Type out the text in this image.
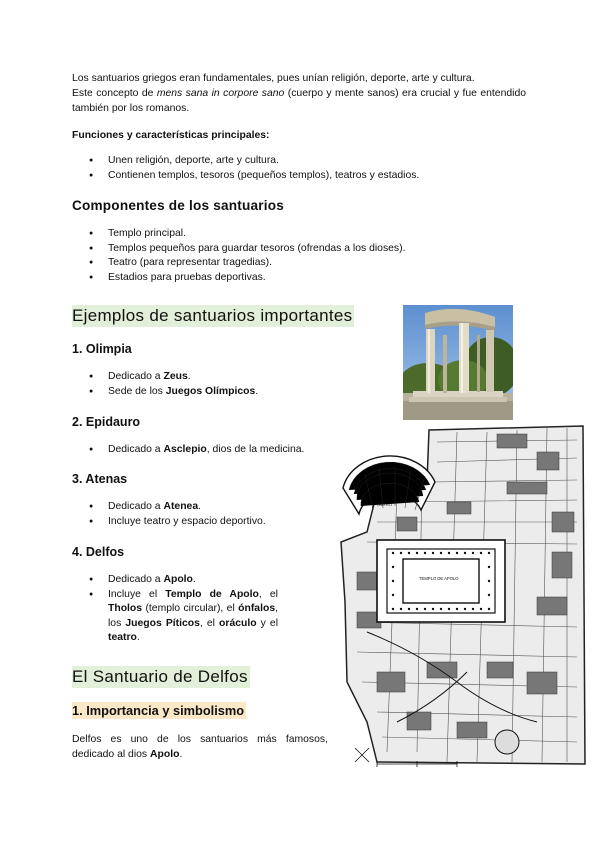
Los santuarios griegos eran fundamentales, pues unían religión, deporte, arte y cultura.
Este concepto de mens sana in corpore sano (cuerpo y mente sanos) era crucial y fue entendido también por los romanos.
Funciones y características principales:
● Unen religión, deporte, arte y cultura.
● Contienen templos, tesoros (pequeños templos), teatros y estadios.
Componentes de los santuarios
● Templo principal.
● Templos pequeños para guardar tesoros (ofrendas a los dioses).
● Teatro (para representar tragedias).
● Estadios para pruebas deportivas.
Ejemplos de santuarios importantes
1. Olimpia
● Dedicado a Zeus.
● Sede de los Juegos Olímpicos.
2. Epidauro
● Dedicado a Asclepio, dios de la medicina.
3. Atenas
● Dedicado a Atenea.
● Incluye teatro y espacio deportivo.
4. Delfos
● Dedicado a Apolo.
● Incluye el Templo de Apolo, el Tholos (templo circular), el ónfalos, los Juegos Píticos, el oráculo y el teatro.
El Santuario de Delfos
1. Importancia y simbolismo
Delfos es uno de los santuarios más famosos, dedicado al dios Apolo.
TEATRO
TEMPLO DE APOLO
